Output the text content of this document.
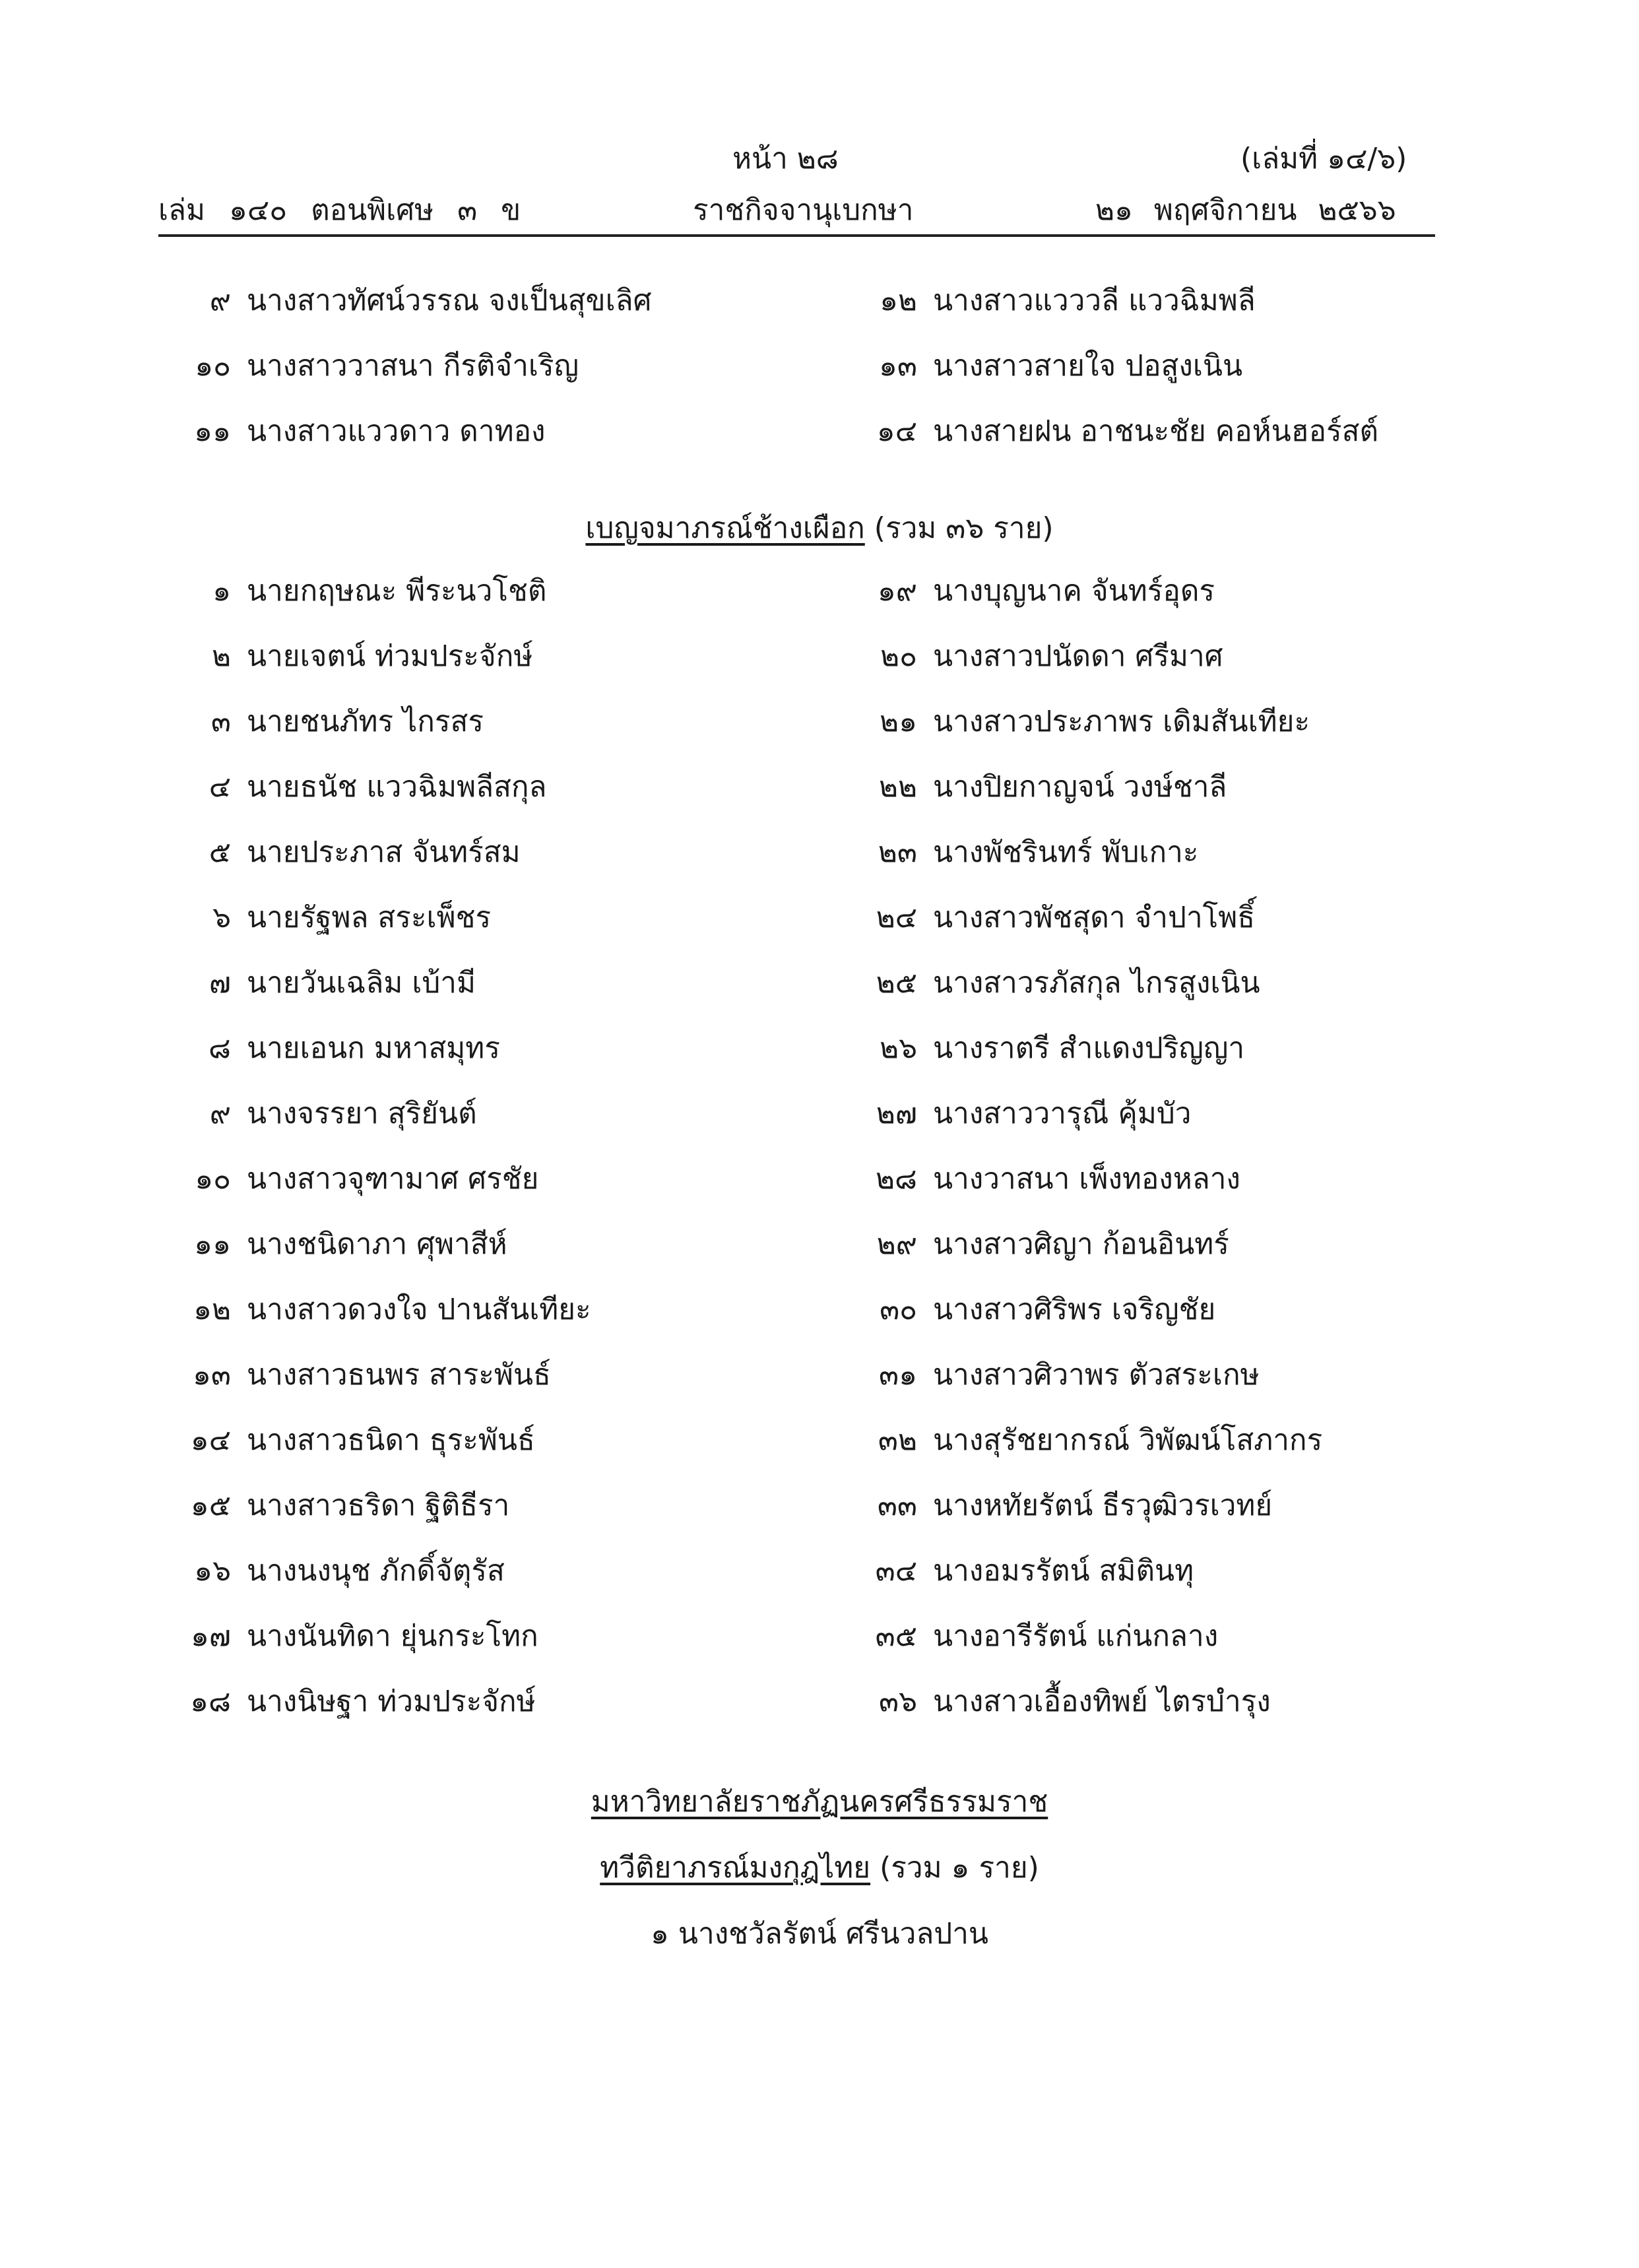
หน้า ๒๘	(เล่มที่ ๑๔/๖)
เล่ม ๑๔๐ ตอนพิเศษ ๓ ข	ราชกิจจานุเบกษา	๒๑ พฤศจิกายน ๒๕๖๖
๙ นางสาวทัศน์วรรณ จงเป็นสุขเลิศ
๑๐ นางสาววาสนา กีรติจำเริญ
๑๑ นางสาวแววดาว ดาทอง
๑๒ นางสาวแวววลี แววฉิมพลี
๑๓ นางสาวสายใจ ปอสูงเนิน
๑๔ นางสายฝน อาชนะชัย คอห์นฮอร์สต์
เบญจมาภรณ์ช้างเผือก (รวม ๓๖ ราย)
๑ นายกฤษณะ พีระนวโชติ
๒ นายเจตน์ ท่วมประจักษ์
๓ นายชนภัทร ไกรสร
๔ นายธนัช แววฉิมพลีสกุล
๕ นายประภาส จันทร์สม
๖ นายรัฐพล สระเพ็ชร
๗ นายวันเฉลิม เบ้ามี
๘ นายเอนก มหาสมุทร
๙ นางจรรยา สุริยันต์
๑๐ นางสาวจุฑามาศ ศรชัย
๑๑ นางชนิดาภา ศุพาสีห์
๑๒ นางสาวดวงใจ ปานสันเทียะ
๑๓ นางสาวธนพร สาระพันธ์
๑๔ นางสาวธนิดา ธุระพันธ์
๑๕ นางสาวธริดา ฐิติธีรา
๑๖ นางนงนุช ภักดิ์จัตุรัส
๑๗ นางนันทิดา ยุ่นกระโทก
๑๘ นางนิษฐา ท่วมประจักษ์
๑๙ นางบุญนาค จันทร์อุดร
๒๐ นางสาวปนัดดา ศรีมาศ
๒๑ นางสาวประภาพร เดิมสันเทียะ
๒๒ นางปิยกาญจน์ วงษ์ชาลี
๒๓ นางพัชรินทร์ พับเกาะ
๒๔ นางสาวพัชสุดา จำปาโพธิ์
๒๕ นางสาวรภัสกุล ไกรสูงเนิน
๒๖ นางราตรี สำแดงปริญญา
๒๗ นางสาววารุณี คุ้มบัว
๒๘ นางวาสนา เพ็งทองหลาง
๒๙ นางสาวศิญา ก้อนอินทร์
๓๐ นางสาวศิริพร เจริญชัย
๓๑ นางสาวศิวาพร ตัวสระเกษ
๓๒ นางสุรัชยากรณ์ วิพัฒน์โสภากร
๓๓ นางหทัยรัตน์ ธีรวุฒิวรเวทย์
๓๔ นางอมรรัตน์ สมิตินทุ
๓๕ นางอารีรัตน์ แก่นกลาง
๓๖ นางสาวเอื้องทิพย์ ไตรบำรุง
มหาวิทยาลัยราชภัฏนครศรีธรรมราช
ทวีติยาภรณ์มงกุฎไทย (รวม ๑ ราย)
๑ นางชวัลรัตน์ ศรีนวลปาน
